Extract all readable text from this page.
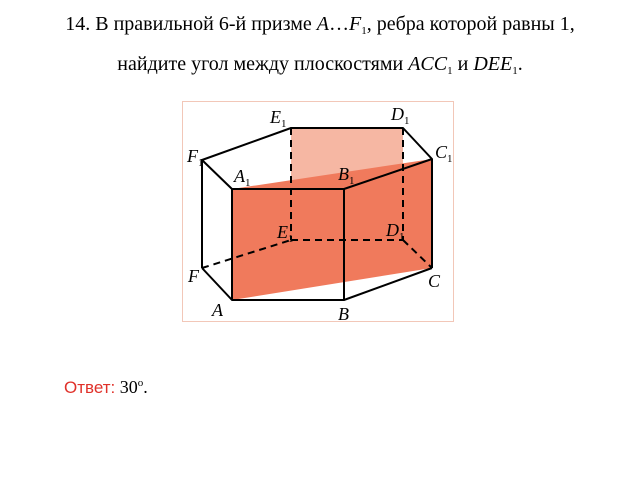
14. В правильной 6-й призме $A\dots F_1$, ребра которой равны 1,
найдите угол между плоскостями $ACC_1$ и $DEE_1$.
$E_1$	$D_1$
$F_1$
$C_1$
$A_1$	$B_1$
$E_1$	$D_1$
F	C
A	B
Ответ: 30$^o$.
